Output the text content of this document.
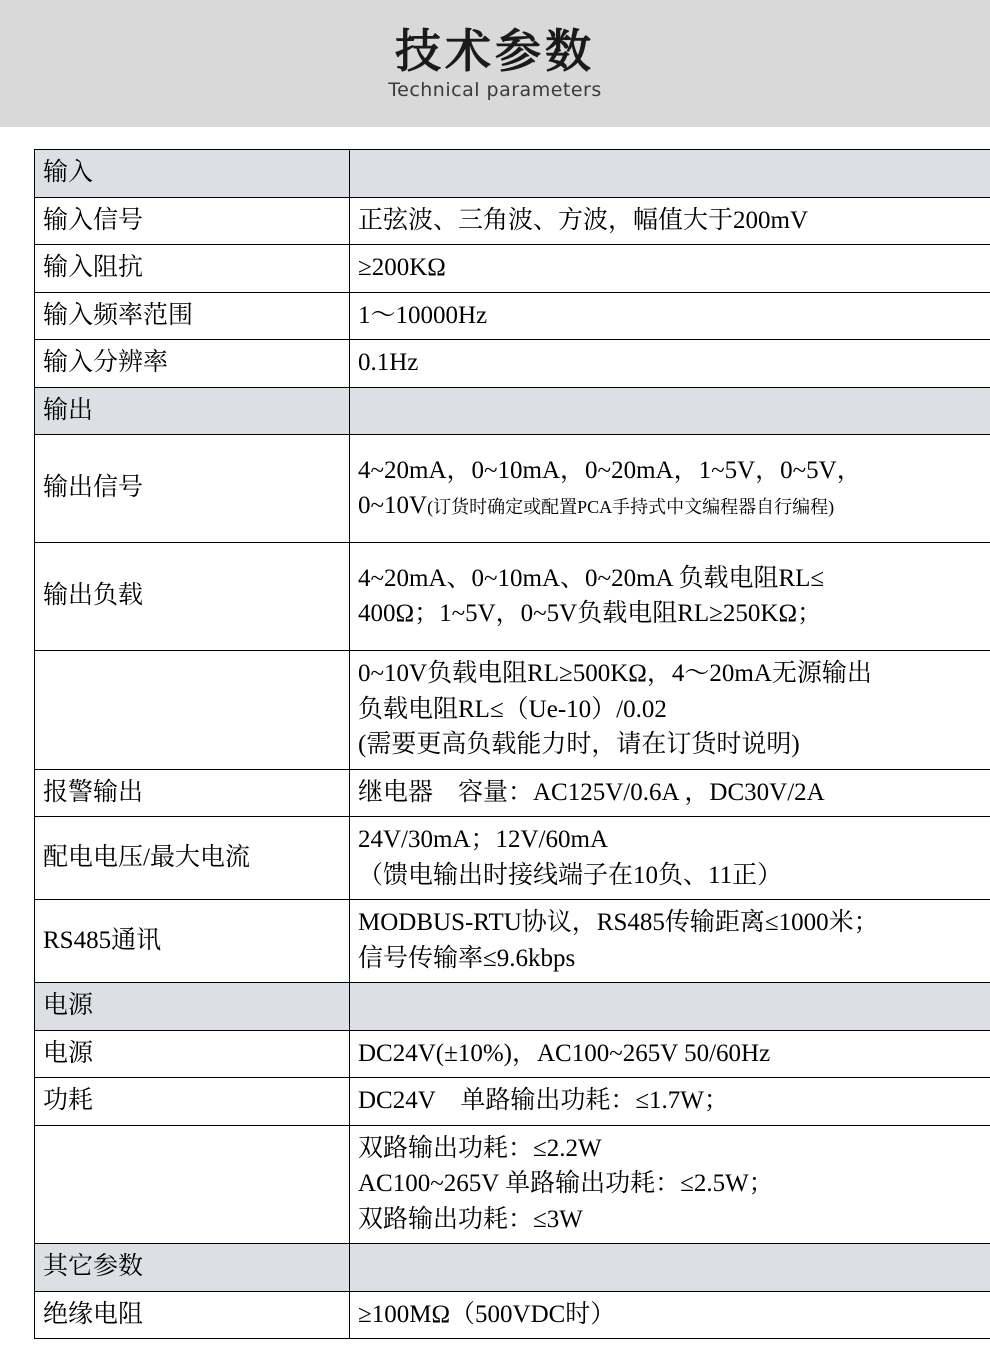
技术参数
Technical parameters
输入	
输入信号	正弦波、三角波、方波，幅值大于200mV
输入阻抗	≥200KΩ
输入频率范围	1～10000Hz
输入分辨率	0.1Hz
输出	
输出信号	4~20mA，0~10mA，0~20mA，1~5V，0~5V，
0~10V(订货时确定或配置PCA手持式中文编程器自行编程)

输出负载	4~20mA、0~10mA、0~20mA 负载电阻RL≤
400Ω；1~5V，0~5V负载电阻RL≥250KΩ；

	0~10V负载电阻RL≥500KΩ，4～20mA无源输出
负载电阻RL≤（Ue-10）/0.02
(需要更高负载能力时，请在订货时说明)

报警输出	继电器　容量：AC125V/0.6A ，DC30V/2A
配电电压/最大电流	24V/30mA；12V/60mA
（馈电输出时接线端子在10负、11正）

RS485通讯	MODBUS-RTU协议，RS485传输距离≤1000米；
信号传输率≤9.6kbps

电源	
电源	DC24V(±10%)，AC100~265V 50/60Hz
功耗	DC24V　单路输出功耗：≤1.7W；

	双路输出功耗：≤2.2W
AC100~265V 单路输出功耗：≤2.5W；
双路输出功耗：≤3W

其它参数	
绝缘电阻	≥100MΩ（500VDC时）
